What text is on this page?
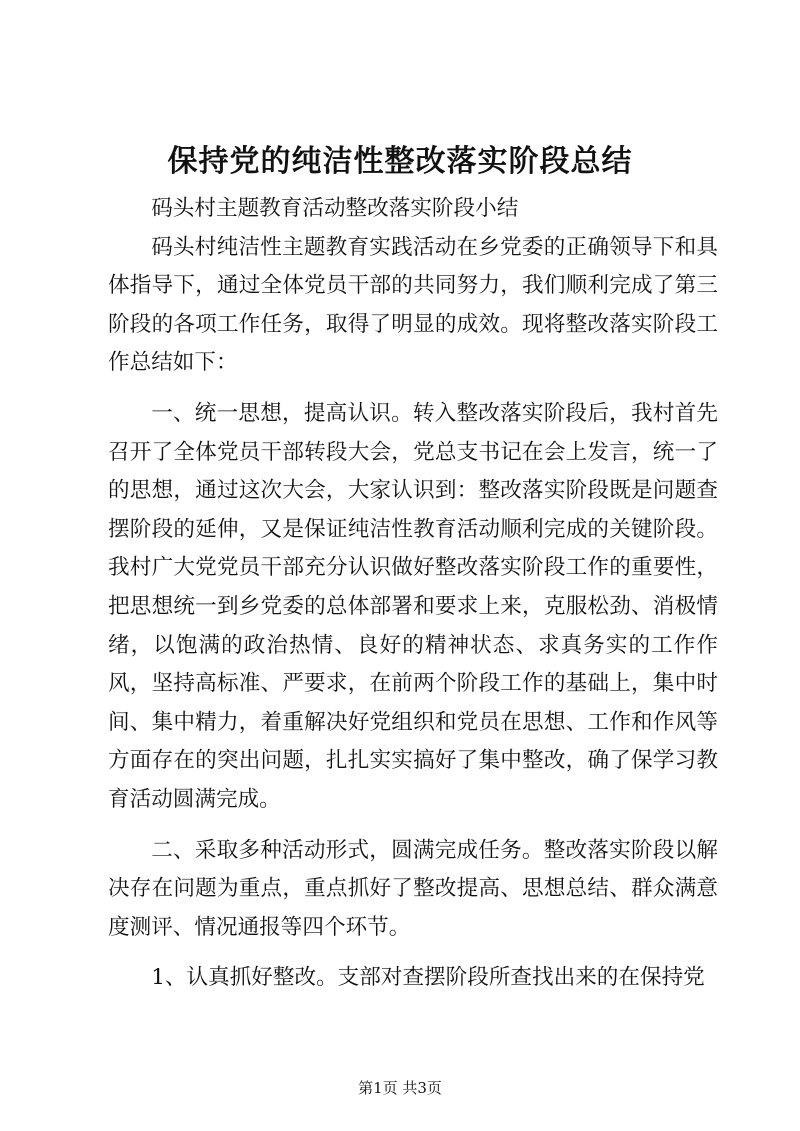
保持党的纯洁性整改落实阶段总结

码头村主题教育活动整改落实阶段小结

码头村纯洁性主题教育实践活动在乡党委的正确领导下和具体指导下，通过全体党员干部的共同努力，我们顺利完成了第三阶段的各项工作任务，取得了明显的成效。现将整改落实阶段工作总结如下：

一、统一思想，提高认识。转入整改落实阶段后，我村首先召开了全体党员干部转段大会，党总支书记在会上发言，统一了的思想，通过这次大会，大家认识到：整改落实阶段既是问题查摆阶段的延伸，又是保证纯洁性教育活动顺利完成的关键阶段。我村广大党党员干部充分认识做好整改落实阶段工作的重要性，把思想统一到乡党委的总体部署和要求上来，克服松劲、消极情绪，以饱满的政治热情、良好的精神状态、求真务实的工作作风，坚持高标准、严要求，在前两个阶段工作的基础上，集中时间、集中精力，着重解决好党组织和党员在思想、工作和作风等方面存在的突出问题，扎扎实实搞好了集中整改，确了保学习教育活动圆满完成。

二、采取多种活动形式，圆满完成任务。整改落实阶段以解决存在问题为重点，重点抓好了整改提高、思想总结、群众满意度测评、情况通报等四个环节。

1、认真抓好整改。支部对查摆阶段所查找出来的在保持党

第1页 共3页
